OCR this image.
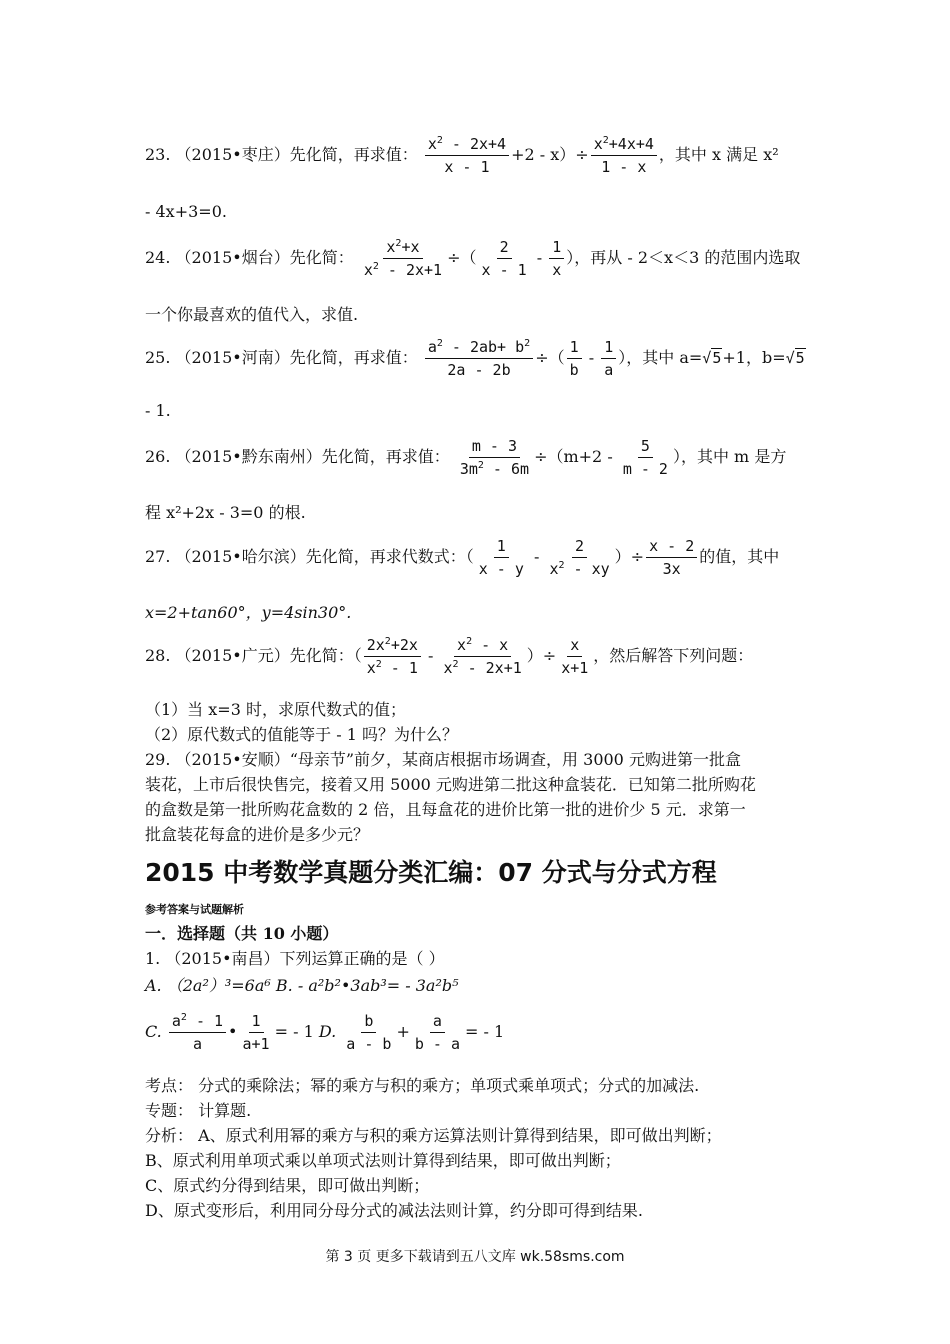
23. （2015•枣庄）先化简，再求值： $\frac{x^2 - 2x+4}{x - 1} +2 - x)\div \frac{x^2+4x+4}{1 - x}$ ，其中 x 满足 x²
- 4x+3=0.
24. （2015•烟台）先化简： $\frac{x^2+x}{x^2 - 2x+1}$ ÷（ $\frac{2}{x - 1} - \frac{1}{x}$ ），再从 - 2＜x＜3 的范围内选取
一个你最喜欢的值代入，求值.
25. （2015•河南）先化简，再求值： $\frac{a^2 - 2ab+ b^2}{2a - 2b}$ ÷（ $\frac{1}{b} - \frac{1}{a}$ ），其中 a=√5+1，b=√5
- 1.
26. （2015•黔东南州）先化简，再求值： $\frac{m - 3}{3m^2 - 6m} \div(m+2 - \frac{5}{m - 2}$ ），其中 m 是方
程 x²+2x - 3=0 的根.
27. （2015•哈尔滨）先化简，再求代数式：（ $\frac{1}{x - y} - \frac{2}{x^2 - xy}$ ）÷ $\frac{x - 2}{3x}$ 的值，其中
x=2+tan60°，y=4sin30°.
28. （2015•广元）先化简：（ $\frac{2x^2+2x}{x^2 - 1} - \frac{x^2 - x}{x^2 - 2x+1}$ ）÷ $\frac{x}{x+1}$ ，然后解答下列问题：
（1）当 x=3 时，求原代数式的值；
（2）原代数式的值能等于 - 1 吗？为什么？
29. （2015•安顺）“母亲节”前夕，某商店根据市场调查，用 3000 元购进第一批盒
装花，上市后很快售完，接着又用 5000 元购进第二批这种盒装花．已知第二批所购花
的盒数是第一批所购花盒数的 2 倍，且每盒花的进价比第一批的进价少 5 元．求第一
批盒装花每盒的进价是多少元？
2015 中考数学真题分类汇编：07 分式与分式方程
参考答案与试题解析
一．选择题（共 10 小题）
1. （2015•南昌）下列运算正确的是（ ）
A. （2a²）³=6a⁶ B. - a²b²•3ab³= - 3a²b⁵
C. $\frac{a^2 - 1}{a}$ • $\frac{1}{a+1}$ = - 1 D. $\frac{b}{a - b} + \frac{a}{b - a}$ = - 1
考点： 分式的乘除法；幂的乘方与积的乘方；单项式乘单项式；分式的加减法.
专题： 计算题.
分析： A、原式利用幂的乘方与积的乘方运算法则计算得到结果，即可做出判断；
B、原式利用单项式乘以单项式法则计算得到结果，即可做出判断；
C、原式约分得到结果，即可做出判断；
D、原式变形后，利用同分母分式的减法法则计算，约分即可得到结果.
第 3 页 更多下载请到五八文库 wk.58sms.com
